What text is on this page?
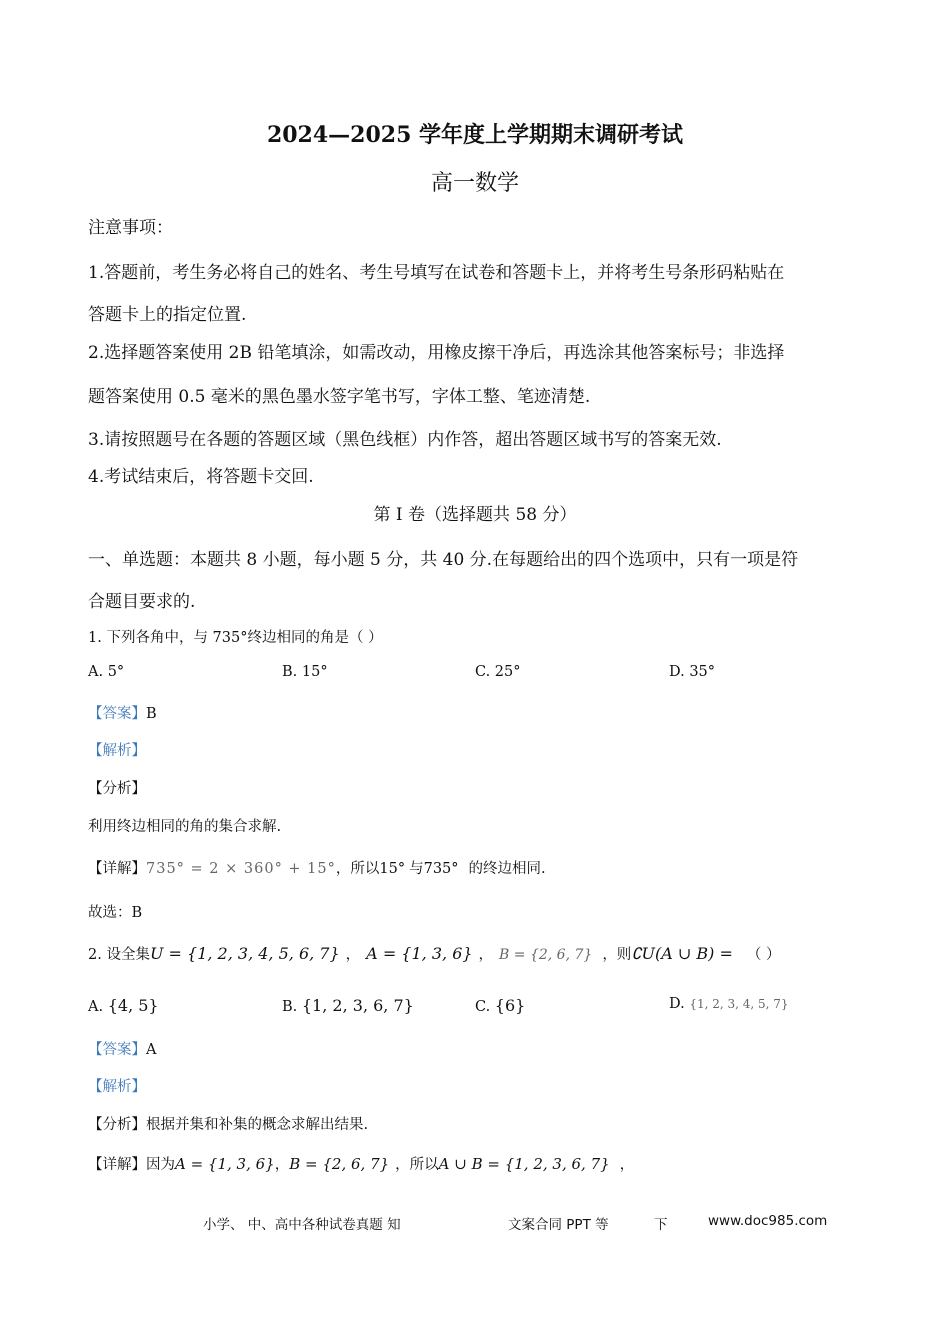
2024—2025 学年度上学期期末调研考试
高一数学
注意事项：
1.答题前，考生务必将自己的姓名、考生号填写在试卷和答题卡上，并将考生号条形码粘贴在
答题卡上的指定位置.
2.选择题答案使用 2B 铅笔填涂，如需改动，用橡皮擦干净后，再选涂其他答案标号；非选择
题答案使用 0.5 毫米的黑色墨水签字笔书写，字体工整、笔迹清楚.
3.请按照题号在各题的答题区域（黑色线框）内作答，超出答题区域书写的答案无效.
4.考试结束后，将答题卡交回.
第 I 卷（选择题共 58 分）
一、单选题：本题共 8 小题，每小题 5 分，共 40 分.在每题给出的四个选项中，只有一项是符
合题目要求的.
1. 下列各角中，与 735°终边相同的角是（ ）
A. 5°	B. 15°	C. 25°	D. 35°
【答案】B
【解析】
【分析】
利用终边相同的角的集合求解.
【详解】735° = 2 × 360° + 15°，所以15° 与735° 的终边相同.
故选：B
2. 设全集U = {1, 2, 3, 4, 5, 6, 7} ， A = {1, 3, 6} ， B = {2, 6, 7} ，则∁U(A ∪ B) = （ ）
A. {4, 5}	B. {1, 2, 3, 6, 7}	C. {6}	D. {1, 2, 3, 4, 5, 7}
【答案】A
【解析】
【分析】根据并集和补集的概念求解出结果.
【详解】因为A = {1, 3, 6}，B = {2, 6, 7} ，所以A ∪ B = {1, 2, 3, 6, 7} ，
小学、 中、高中各种试卷真题 知	文案合同 PPT 等	下	www.doc985.com
